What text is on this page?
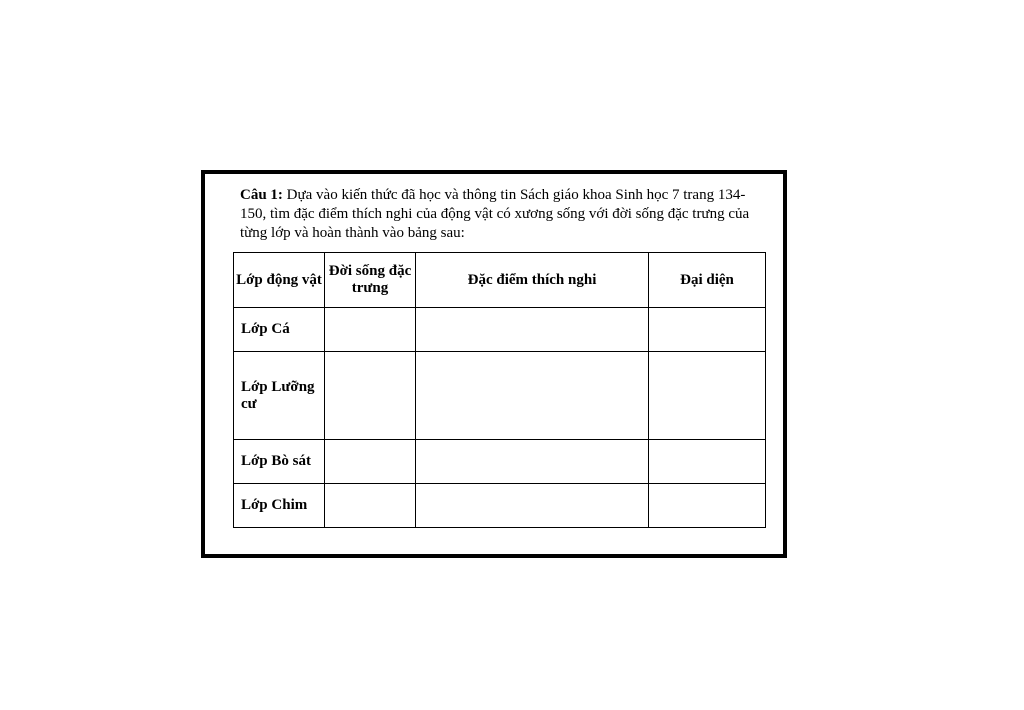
Câu 1: Dựa vào kiến thức đã học và thông tin Sách giáo khoa Sinh học 7 trang 134-150, tìm đặc điểm thích nghi của động vật có xương sống với đời sống đặc trưng của từng lớp và hoàn thành vào bảng sau:
Lớp động vật	Đời sống đặc trưng	Đặc điểm thích nghi	Đại diện
Lớp Cá			
Lớp Lưỡng cư			
Lớp Bò sát			
Lớp Chim			
